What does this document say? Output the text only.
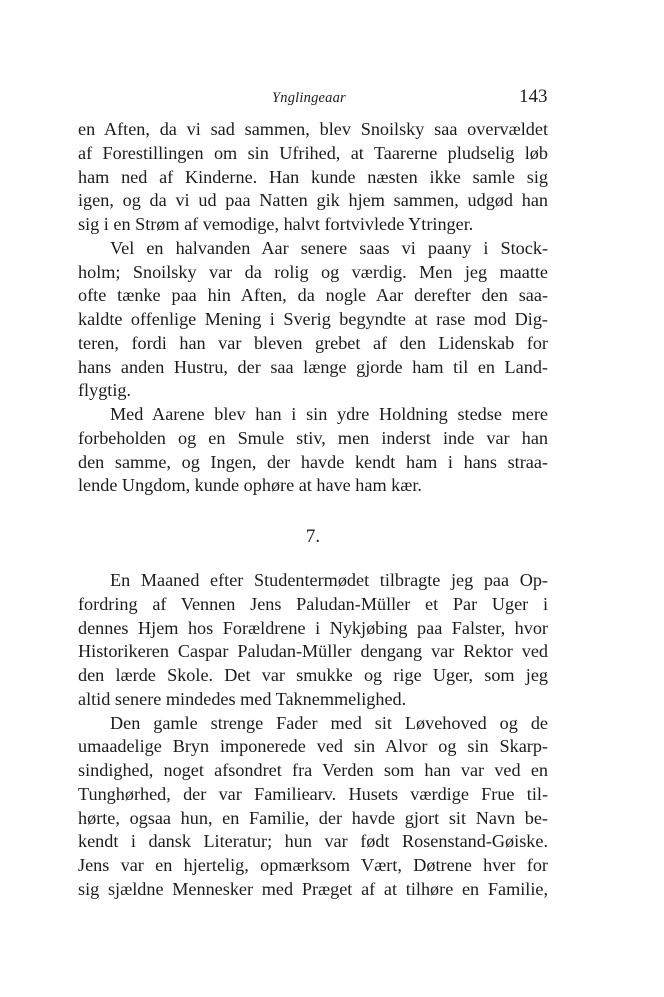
Ynglingeaar	143
en Aften, da vi sad sammen, blev Snoilsky saa overvældet
af Forestillingen om sin Ufrihed, at Taarerne pludselig løb
ham ned af Kinderne. Han kunde næsten ikke samle sig
igen, og da vi ud paa Natten gik hjem sammen, udgød han
sig i en Strøm af vemodige, halvt fortvivlede Ytringer.
Vel en halvanden Aar senere saas vi paany i Stock-
holm; Snoilsky var da rolig og værdig. Men jeg maatte
ofte tænke paa hin Aften, da nogle Aar derefter den saa-
kaldte offenlige Mening i Sverig begyndte at rase mod Dig-
teren, fordi han var bleven grebet af den Lidenskab for
hans anden Hustru, der saa længe gjorde ham til en Land-
flygtig.
Med Aarene blev han i sin ydre Holdning stedse mere
forbeholden og en Smule stiv, men inderst inde var han
den samme, og Ingen, der havde kendt ham i hans straa-
lende Ungdom, kunde ophøre at have ham kær.
7.
En Maaned efter Studentermødet tilbragte jeg paa Op-
fordring af Vennen Jens Paludan-Müller et Par Uger i
dennes Hjem hos Forældrene i Nykjøbing paa Falster, hvor
Historikeren Caspar Paludan-Müller dengang var Rektor ved
den lærde Skole. Det var smukke og rige Uger, som jeg
altid senere mindedes med Taknemmelighed.
Den gamle strenge Fader med sit Løvehoved og de
umaadelige Bryn imponerede ved sin Alvor og sin Skarp-
sindighed, noget afsondret fra Verden som han var ved en
Tunghørhed, der var Familiearv. Husets værdige Frue til-
hørte, ogsaa hun, en Familie, der havde gjort sit Navn be-
kendt i dansk Literatur; hun var født Rosenstand-Gøiske.
Jens var en hjertelig, opmærksom Vært, Døtrene hver for
sig sjældne Mennesker med Præget af at tilhøre en Familie,
